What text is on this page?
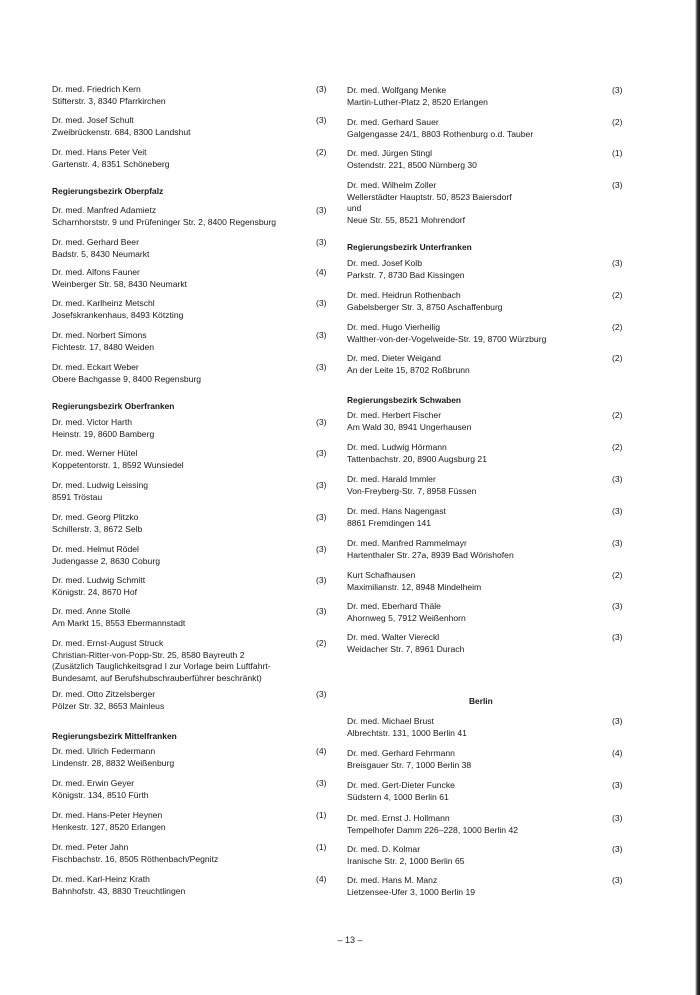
Dr. med. Friedrich Kern
Stifterstr. 3, 8340 Pfarrkirchen
(3)
Dr. med. Josef Schult
Zweibrückenstr. 684, 8300 Landshut
(3)
Dr. med. Hans Peter Veit
Gartenstr. 4, 8351 Schöneberg
(2)
Regierungsbezirk Oberpfalz
Dr. med. Manfred Adamietz
Scharnhorststr. 9 und Prüfeninger Str. 2, 8400 Regensburg
(3)
Dr. med. Gerhard Beer
Badstr. 5, 8430 Neumarkt
(3)
Dr. med. Alfons Fauner
Weinberger Str. 58, 8430 Neumarkt
(4)
Dr. med. Karlheinz Metschl
Josefskrankenhaus, 8493 Kötzting
(3)
Dr. med. Norbert Simons
Fichtestr. 17, 8480 Weiden
(3)
Dr. med. Eckart Weber
Obere Bachgasse 9, 8400 Regensburg
(3)
Regierungsbezirk Oberfranken
Dr. med. Victor Harth
Heinstr. 19, 8600 Bamberg
(3)
Dr. med. Werner Hütel
Koppetentorstr. 1, 8592 Wunsiedel
(3)
Dr. med. Ludwig Leissing
8591 Tröstau
(3)
Dr. med. Georg Plitzko
Schillerstr. 3, 8672 Selb
(3)
Dr. med. Helmut Rödel
Judengasse 2, 8630 Coburg
(3)
Dr. med. Ludwig Schmitt
Königstr. 24, 8670 Hof
(3)
Dr. med. Anne Stolle
Am Markt 15, 8553 Ebermannstadt
(3)
Dr. med. Ernst-August Struck
Christian-Ritter-von-Popp-Str. 25, 8580 Bayreuth 2
(Zusätzlich Tauglichkeitsgrad I zur Vorlage beim Luftfahrt-
Bundesamt, auf Berufshubschrauberführer beschränkt)
(2)
Dr. med. Otto Zitzelsberger
Pölzer Str. 32, 8653 Mainleus
(3)
Regierungsbezirk Mittelfranken
Dr. med. Ulrich Federmann
Lindenstr. 28, 8832 Weißenburg
(4)
Dr. med. Erwin Geyer
Königstr. 134, 8510 Fürth
(3)
Dr. med. Hans-Peter Heynen
Henkestr. 127, 8520 Erlangen
(1)
Dr. med. Peter Jahn
Fischbachstr. 16, 8505 Röthenbach/Pegnitz
(1)
Dr. med. Karl-Heinz Krath
Bahnhofstr. 43, 8830 Treuchtlingen
(4)
Dr. med. Wolfgang Menke
Martin-Luther-Platz 2, 8520 Erlangen
(3)
Dr. med. Gerhard Sauer
Galgengasse 24/1, 8803 Rothenburg o.d. Tauber
(2)
Dr. med. Jürgen Stingl
Ostendstr. 221, 8500 Nürnberg 30
(1)
Dr. med. Wilhelm Zoller
Wellerstädter Hauptstr. 50, 8523 Baiersdorf
und
Neue Str. 55, 8521 Mohrendorf
(3)
Regierungsbezirk Unterfranken
Dr. med. Josef Kolb
Parkstr. 7, 8730 Bad Kissingen
(3)
Dr. med. Heidrun Rothenbach
Gabelsberger Str. 3, 8750 Aschaffenburg
(2)
Dr. med. Hugo Vierheilig
Walther-von-der-Vogelweide-Str. 19, 8700 Würzburg
(2)
Dr. med. Dieter Weigand
An der Leite 15, 8702 Roßbrunn
(2)
Regierungsbezirk Schwaben
Dr. med. Herbert Fischer
Am Wald 30, 8941 Ungerhausen
(2)
Dr. med. Ludwig Hörmann
Tattenbachstr. 20, 8900 Augsburg 21
(2)
Dr. med. Harald Immler
Von-Freyberg-Str. 7, 8958 Füssen
(3)
Dr. med. Hans Nagengast
8861 Fremdingen 141
(3)
Dr. med. Manfred Rammelmayr
Hartenthaler Str. 27a, 8939 Bad Wörishofen
(3)
Kurt Schafhausen
Maximilianstr. 12, 8948 Mindelheim
(2)
Dr. med. Eberhard Thäle
Ahornweg 5, 7912 Weißenhorn
(3)
Dr. med. Walter Viereckl
Weidacher Str. 7, 8961 Durach
(3)
Berlin
Dr. med. Michael Brust
Albrechtstr. 131, 1000 Berlin 41
(3)
Dr. med. Gerhard Fehrmann
Breisgauer Str. 7, 1000 Berlin 38
(4)
Dr. med. Gert-Dieter Funcke
Südstern 4, 1000 Berlin 61
(3)
Dr. med. Ernst J. Hollmann
Tempelhofer Damm 226–228, 1000 Berlin 42
(3)
Dr. med. D. Kolmar
Iranische Str. 2, 1000 Berlin 65
(3)
Dr. med. Hans M. Manz
Lietzensee-Ufer 3, 1000 Berlin 19
(3)
– 13 –
